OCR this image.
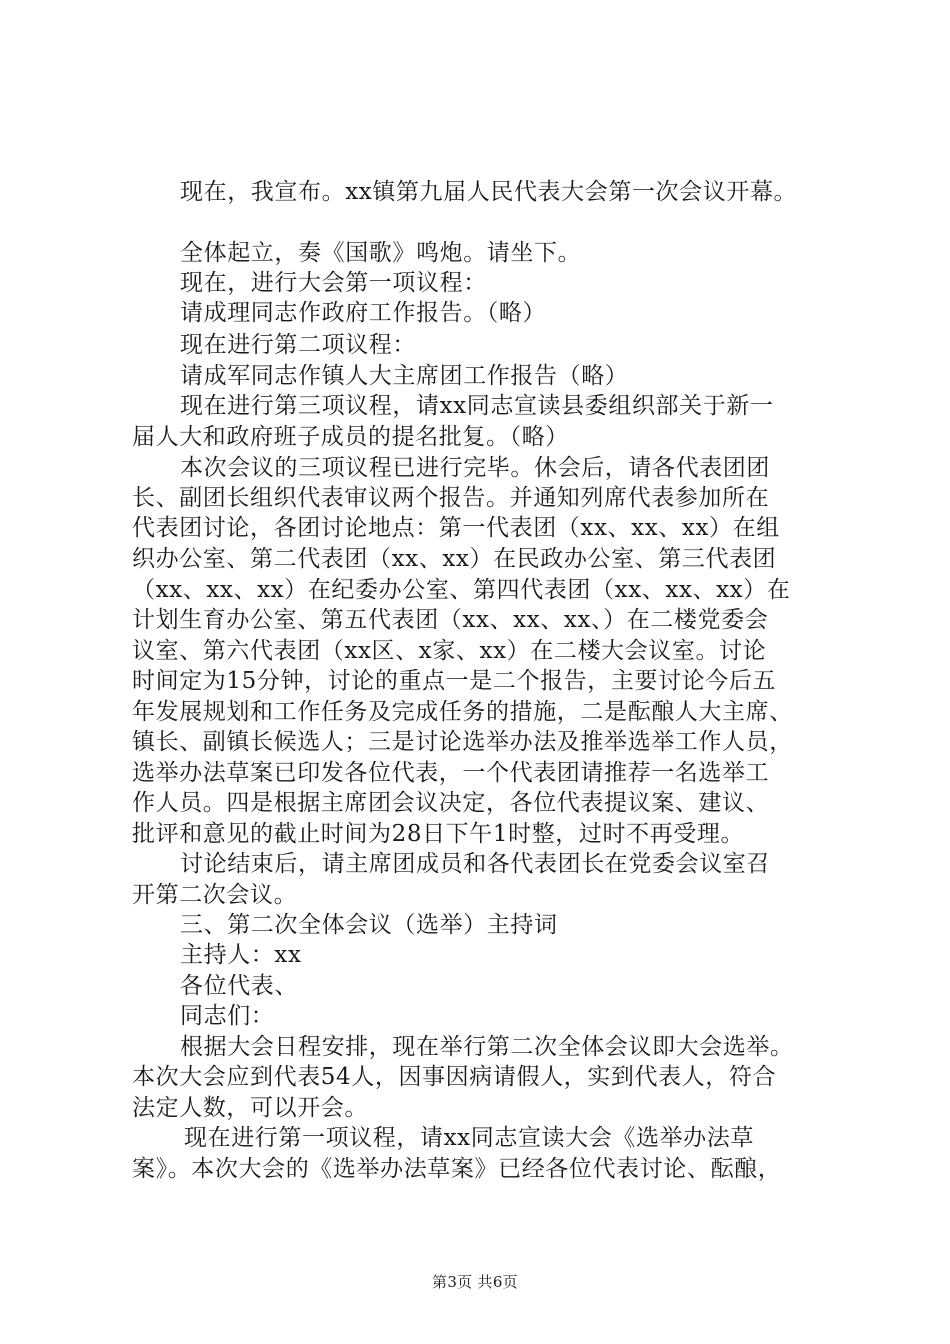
现在，我宣布。xx镇第九届人民代表大会第一次会议开幕。
全体起立，奏《国歌》鸣炮。请坐下。
现在，进行大会第一项议程：
请成理同志作政府工作报告。（略）
现在进行第二项议程：
请成军同志作镇人大主席团工作报告（略）
现在进行第三项议程，请xx同志宣读县委组织部关于新一
届人大和政府班子成员的提名批复。（略）
本次会议的三项议程已进行完毕。休会后，请各代表团团
长、副团长组织代表审议两个报告。并通知列席代表参加所在
代表团讨论，各团讨论地点：第一代表团（xx、xx、xx）在组
织办公室、第二代表团（xx、xx）在民政办公室、第三代表团
（xx、xx、xx）在纪委办公室、第四代表团（xx、xx、xx）在
计划生育办公室、第五代表团（xx、xx、xx、）在二楼党委会
议室、第六代表团（xx区、x家、xx）在二楼大会议室。讨论
时间定为15分钟，讨论的重点一是二个报告，主要讨论今后五
年发展规划和工作任务及完成任务的措施，二是酝酿人大主席、
镇长、副镇长候选人；三是讨论选举办法及推举选举工作人员，
选举办法草案已印发各位代表，一个代表团请推荐一名选举工
作人员。四是根据主席团会议决定，各位代表提议案、建议、
批评和意见的截止时间为28日下午1时整，过时不再受理。
讨论结束后，请主席团成员和各代表团长在党委会议室召
开第二次会议。
三、第二次全体会议（选举）主持词
主持人：xx
各位代表、
同志们：
根据大会日程安排，现在举行第二次全体会议即大会选举。
本次大会应到代表54人，因事因病请假人，实到代表人，符合
法定人数，可以开会。
现在进行第一项议程，请xx同志宣读大会《选举办法草
案》。本次大会的《选举办法草案》已经各位代表讨论、酝酿，
第3页 共6页
